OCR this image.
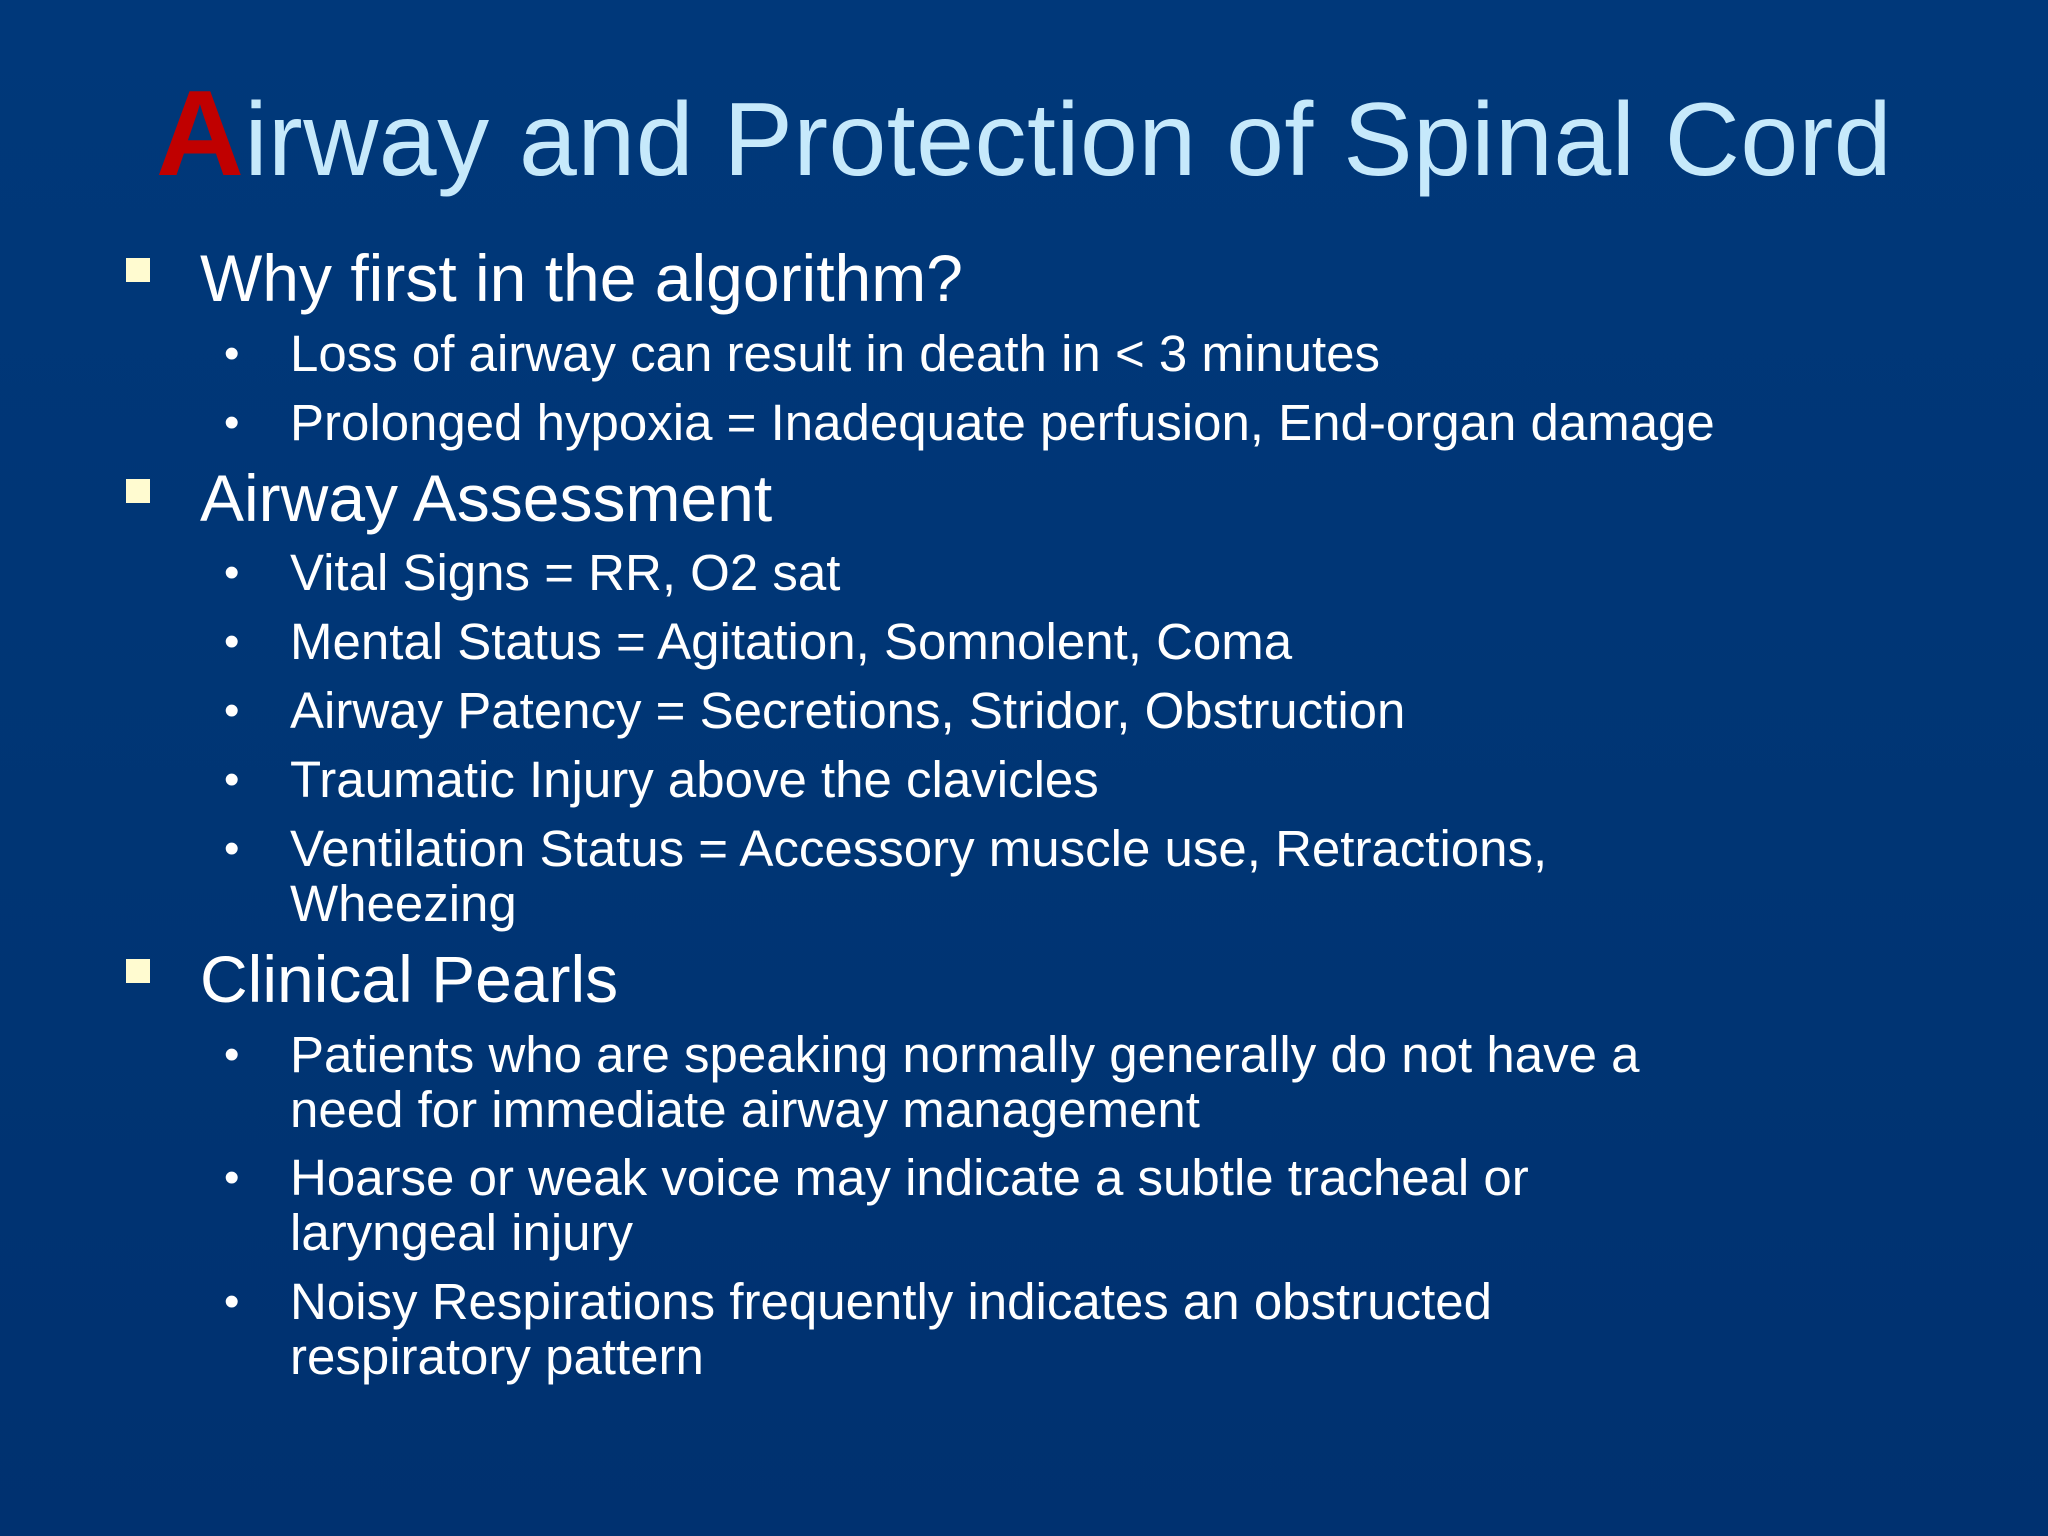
Airway and Protection of Spinal Cord
Why first in the algorithm?
• Loss of airway can result in death in < 3 minutes
• Prolonged hypoxia = Inadequate perfusion, End-organ damage
Airway Assessment
• Vital Signs = RR, O2 sat
• Mental Status = Agitation, Somnolent, Coma
• Airway Patency = Secretions, Stridor, Obstruction
• Traumatic Injury above the clavicles
• Ventilation Status = Accessory muscle use, Retractions,
Wheezing
Clinical Pearls
• Patients who are speaking normally generally do not have a
need for immediate airway management
• Hoarse or weak voice may indicate a subtle tracheal or
laryngeal injury
• Noisy Respirations frequently indicates an obstructed
respiratory pattern
